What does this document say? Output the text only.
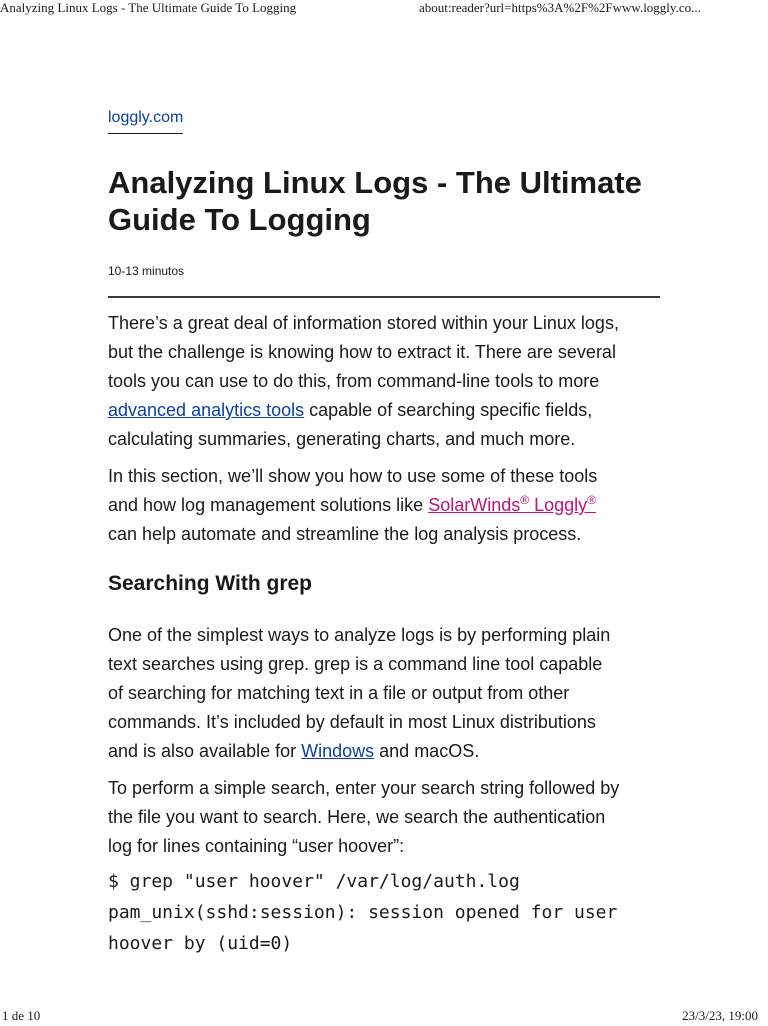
Analyzing Linux Logs - The Ultimate Guide To Logging	about:reader?url=https%3A%2F%2Fwww.loggly.co...
loggly.com
Analyzing Linux Logs - The Ultimate
Guide To Logging
10-13 minutos

There’s a great deal of information stored within your Linux logs,
but the challenge is knowing how to extract it. There are several
tools you can use to do this, from command-line tools to more
advanced analytics tools capable of searching specific fields,
calculating summaries, generating charts, and much more.

In this section, we’ll show you how to use some of these tools
and how log management solutions like SolarWinds® Loggly®
can help automate and streamline the log analysis process.

Searching With grep

One of the simplest ways to analyze logs is by performing plain
text searches using grep. grep is a command line tool capable
of searching for matching text in a file or output from other
commands. It’s included by default in most Linux distributions
and is also available for Windows and macOS.

To perform a simple search, enter your search string followed by
the file you want to search. Here, we search the authentication
log for lines containing “user hoover”:

$ grep "user hoover" /var/log/auth.log
pam_unix(sshd:session): session opened for user
hoover by (uid=0)
1 de 10	23/3/23, 19:00
